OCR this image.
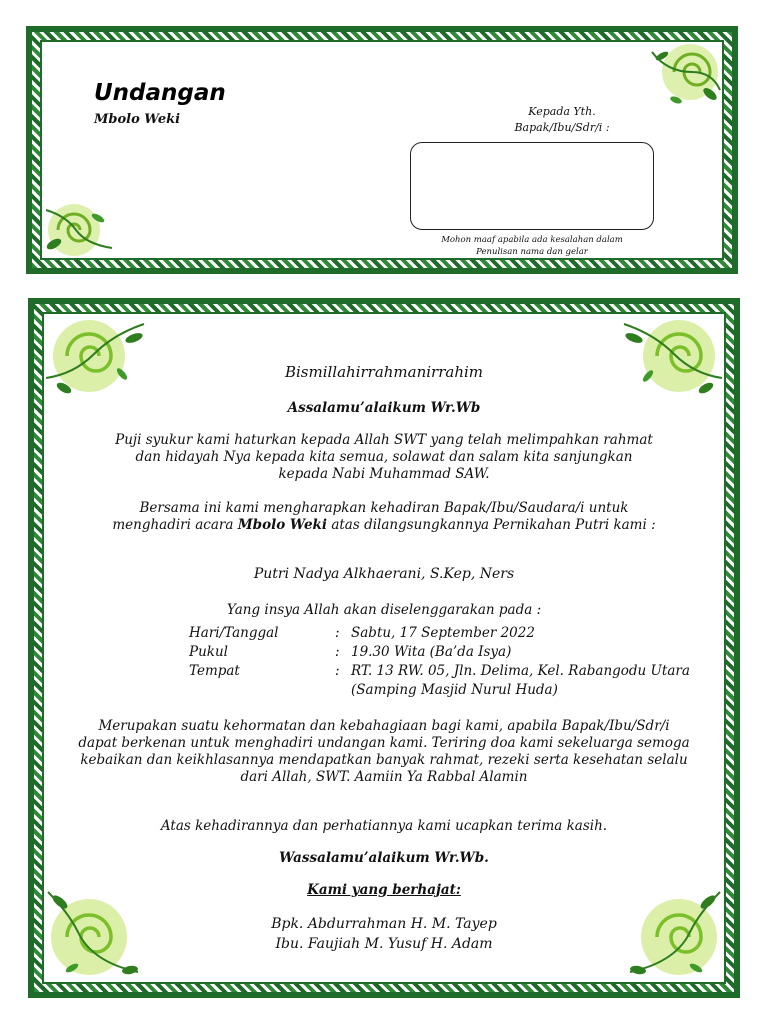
Undangan
Mbolo Weki
Kepada Yth.
Bapak/Ibu/Sdr/i :
Mohon maaf apabila ada kesalahan dalam
Penulisan nama dan gelar
Bismillahirrahmanirrahim
Assalamu’alaikum Wr.Wb
Puji syukur kami haturkan kepada Allah SWT yang telah melimpahkan rahmat
dan hidayah Nya kepada kita semua, solawat dan salam kita sanjungkan
kepada Nabi Muhammad SAW.
Bersama ini kami mengharapkan kehadiran Bapak/Ibu/Saudara/i untuk
menghadiri acara Mbolo Weki atas dilangsungkannya Pernikahan Putri kami :
Putri Nadya Alkhaerani, S.Kep, Ners
Yang insya Allah akan diselenggarakan pada :
Hari/Tanggal	: Sabtu, 17 September 2022
Pukul	: 19.30 Wita (Ba’da Isya)
Tempat	: RT. 13 RW. 05, Jln. Delima, Kel. Rabangodu Utara
(Samping Masjid Nurul Huda)
Merupakan suatu kehormatan dan kebahagiaan bagi kami, apabila Bapak/Ibu/Sdr/i
dapat berkenan untuk menghadiri undangan kami. Teriring doa kami sekeluarga semoga
kebaikan dan keikhlasannya mendapatkan banyak rahmat, rezeki serta kesehatan selalu
dari Allah, SWT. Aamiin Ya Rabbal Alamin
Atas kehadirannya dan perhatiannya kami ucapkan terima kasih.
Wassalamu’alaikum Wr.Wb.
Kami yang berhajat:
Bpk. Abdurrahman H. M. Tayep
Ibu. Faujiah M. Yusuf H. Adam
